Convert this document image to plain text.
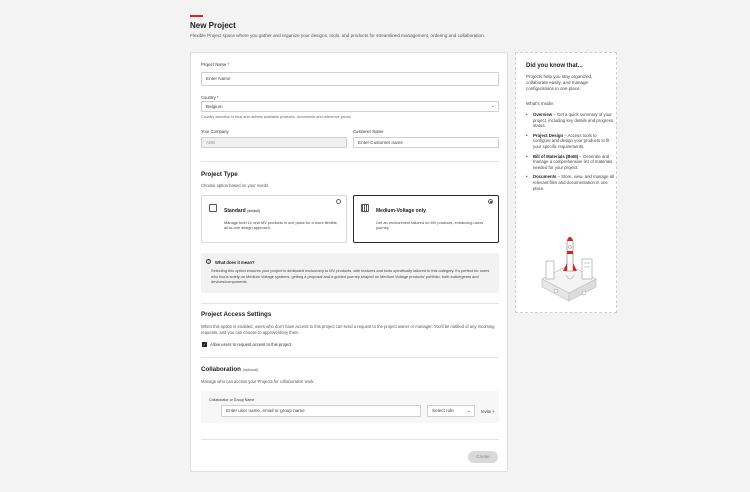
New Project
Flexible Project space where you gather and organize your designs, tools, and products for streamlined management, ordering and collaboration.
Project Name *
Enter Name
Country *
Belgium	⌄
Country selection is final and defines available products, documents and reference prices
Your Company
ABB
Customer Name
Enter Customer name
Project Type
Choose option based on your needs
Standard (default)
Manage both LV and MV products in one place for a more flexible, all-in-one design approach.
Medium-Voltage only
Get an environment tailored on MV products, enhancing users' journey
?	What does it mean?
Selecting this option ensures your project is dedicated exclusively to MV products, with features and tools specifically tailored to this category. It's perfect for users who focus solely on Medium Voltage systems, getting a proposal and a guided journey shaped on Medium Voltage products' portfolio, both switchgears and devices/components.
Project Access Settings
When this option is enabled, users who don't have access to this project can send a request to the project owner or manager. You'll be notified of any incoming requests, and you can choose to approve/deny them.
✓ Allow users to request access to this project
Collaboration (optional)
Manage who can access your Projects for collaborative work.
Collaborator or Group Name
Enter user name, email or group name	Select role	⌄ Invite +
Create
Did you know that...
Projects help you stay organized, collaborate easily, and manage configurations in one place.
What's Inside:
• Overview – Get a quick summary of your project, including key details and progress status.
• Project Design – Access tools to configure and design your products to fit your specific requirements.
• Bill of Materials (BoM) – Generate and manage a comprehensive list of materials needed for your project.
• Documents – Store, view, and manage all relevant files and documentation in one place.
